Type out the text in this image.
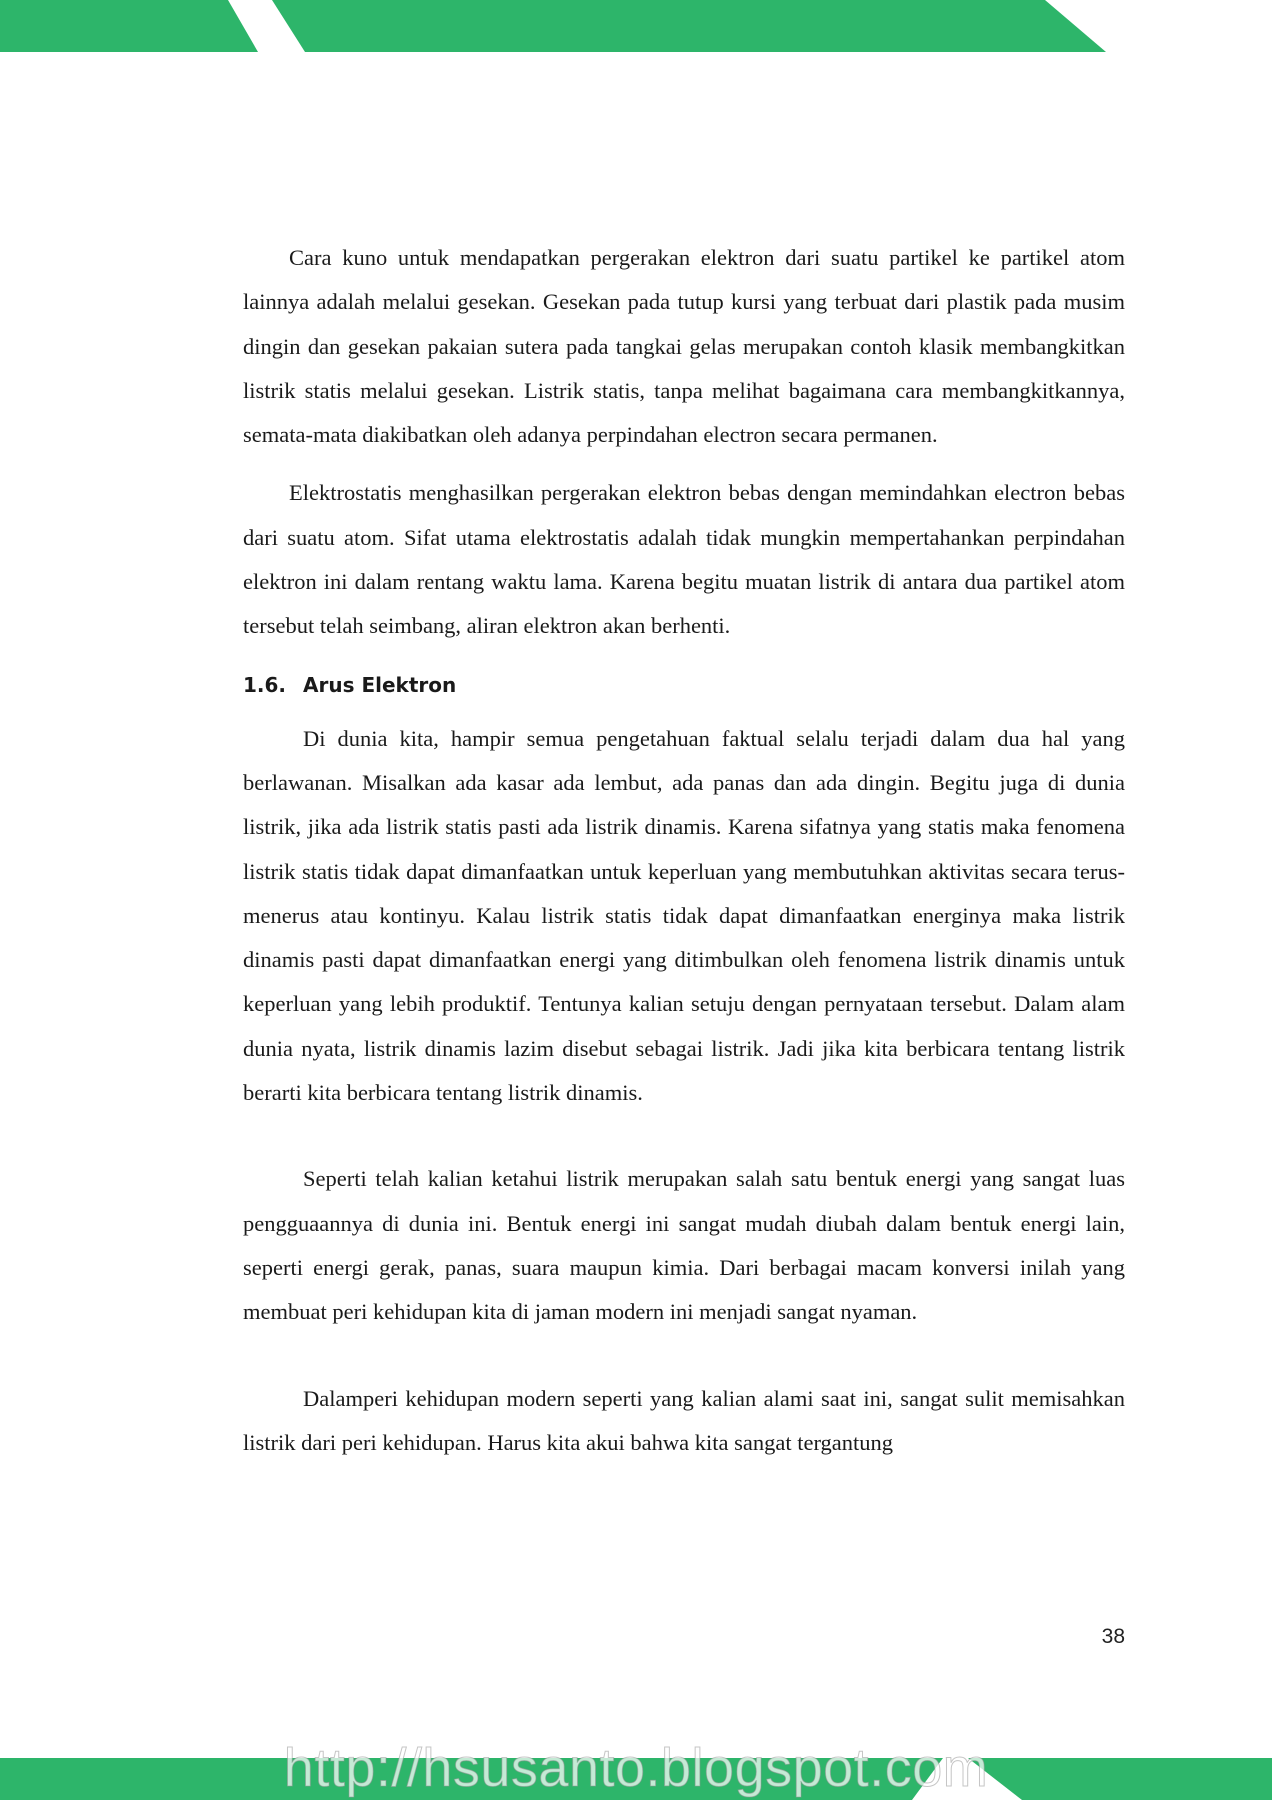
Cara kuno untuk mendapatkan pergerakan elektron dari suatu partikel ke partikel atom lainnya adalah melalui gesekan. Gesekan pada tutup kursi yang terbuat dari plastik pada musim dingin dan gesekan pakaian sutera pada tangkai gelas merupakan contoh klasik membangkitkan listrik statis melalui gesekan. Listrik statis, tanpa melihat bagaimana cara membangkitkannya, semata-mata diakibatkan oleh adanya perpindahan electron secara permanen.

Elektrostatis menghasilkan pergerakan elektron bebas dengan memindahkan electron bebas dari suatu atom. Sifat utama elektrostatis adalah tidak mungkin mempertahankan perpindahan elektron ini dalam rentang waktu lama. Karena begitu muatan listrik di antara dua partikel atom tersebut telah seimbang, aliran elektron akan berhenti.

1.6. Arus Elektron

Di dunia kita, hampir semua pengetahuan faktual selalu terjadi dalam dua hal yang berlawanan. Misalkan ada kasar ada lembut, ada panas dan ada dingin. Begitu juga di dunia listrik, jika ada listrik statis pasti ada listrik dinamis. Karena sifatnya yang statis maka fenomena listrik statis tidak dapat dimanfaatkan untuk keperluan yang membutuhkan aktivitas secara terus-menerus atau kontinyu. Kalau listrik statis tidak dapat dimanfaatkan energinya maka listrik dinamis pasti dapat dimanfaatkan energi yang ditimbulkan oleh fenomena listrik dinamis untuk keperluan yang lebih produktif. Tentunya kalian setuju dengan pernyataan tersebut. Dalam alam dunia nyata, listrik dinamis lazim disebut sebagai listrik. Jadi jika kita berbicara tentang listrik berarti kita berbicara tentang listrik dinamis.

Seperti telah kalian ketahui listrik merupakan salah satu bentuk energi yang sangat luas pengguaannya di dunia ini. Bentuk energi ini sangat mudah diubah dalam bentuk energi lain, seperti energi gerak, panas, suara maupun kimia. Dari berbagai macam konversi inilah yang membuat peri kehidupan kita di jaman modern ini menjadi sangat nyaman.

Dalamperi kehidupan modern seperti yang kalian alami saat ini, sangat sulit memisahkan listrik dari peri kehidupan. Harus kita akui bahwa kita sangat tergantung

38
http://hsusanto.blogspot.com
